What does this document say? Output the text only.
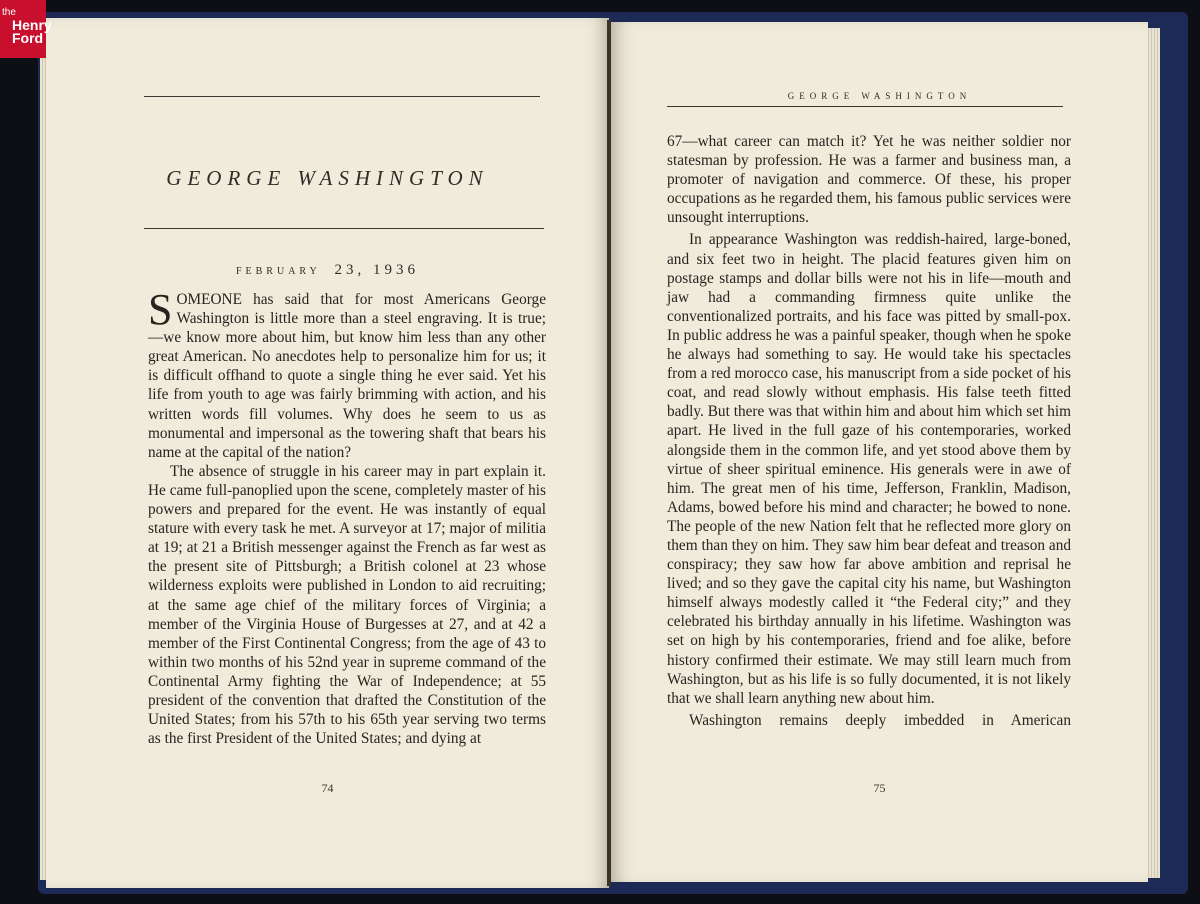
the
Henry
Ford
GEORGE WASHINGTON
FEBRUARY 23, 1936

SOMEONE has said that for most Americans George Washington is little more than a steel engraving. It is true;—we know more about him, but know him less than any other great American. No anecdotes help to personalize him for us; it is difficult offhand to quote a single thing he ever said. Yet his life from youth to age was fairly brimming with action, and his written words fill volumes. Why does he seem to us as monumental and impersonal as the towering shaft that bears his name at the capital of the nation?

The absence of struggle in his career may in part explain it. He came full-panoplied upon the scene, completely master of his powers and prepared for the event. He was instantly of equal stature with every task he met. A surveyor at 17; major of militia at 19; at 21 a British messenger against the French as far west as the present site of Pittsburgh; a British colonel at 23 whose wilderness exploits were published in London to aid recruiting; at the same age chief of the military forces of Virginia; a member of the Virginia House of Burgesses at 27, and at 42 a member of the First Continental Congress; from the age of 43 to within two months of his 52nd year in supreme command of the Continental Army fighting the War of Independence; at 55 president of the convention that drafted the Constitution of the United States; from his 57th to his 65th year serving two terms as the first President of the United States; and dying at

74
GEORGE WASHINGTON

67—what career can match it? Yet he was neither soldier nor statesman by profession. He was a farmer and business man, a promoter of navigation and commerce. Of these, his proper occupations as he regarded them, his famous public services were unsought interruptions.

In appearance Washington was reddish-haired, large-boned, and six feet two in height. The placid features given him on postage stamps and dollar bills were not his in life—mouth and jaw had a commanding firmness quite unlike the conventionalized portraits, and his face was pitted by small-pox. In public address he was a painful speaker, though when he spoke he always had something to say. He would take his spectacles from a red morocco case, his manuscript from a side pocket of his coat, and read slowly without emphasis. His false teeth fitted badly. But there was that within him and about him which set him apart. He lived in the full gaze of his contemporaries, worked alongside them in the common life, and yet stood above them by virtue of sheer spiritual eminence. His generals were in awe of him. The great men of his time, Jefferson, Franklin, Madison, Adams, bowed before his mind and character; he bowed to none. The people of the new Nation felt that he reflected more glory on them than they on him. They saw him bear defeat and treason and conspiracy; they saw how far above ambition and reprisal he lived; and so they gave the capital city his name, but Washington himself always modestly called it “the Federal city;” and they celebrated his birthday annually in his lifetime. Washington was set on high by his contemporaries, friend and foe alike, before history confirmed their estimate. We may still learn much from Washington, but as his life is so fully documented, it is not likely that we shall learn anything new about him.

Washington remains deeply imbedded in American

75
